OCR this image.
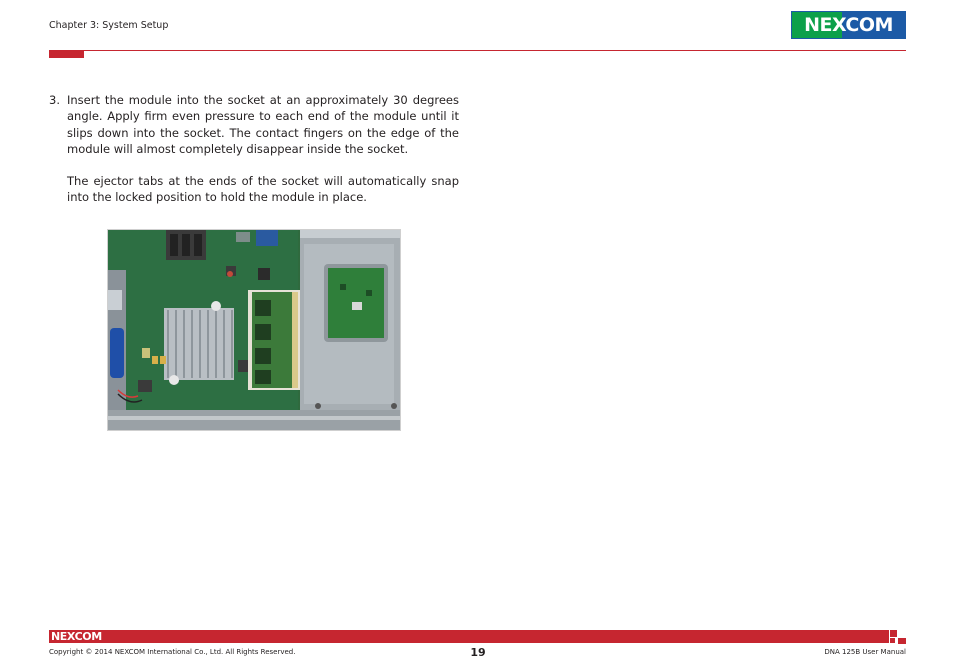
Chapter 3: System Setup	NEXCOM
3. Insert the module into the socket at an approximately 30 degrees angle. Apply firm even pressure to each end of the module until it slips down into the socket. The contact fingers on the edge of the module will almost completely disappear inside the socket.
The ejector tabs at the ends of the socket will automatically snap into the locked position to hold the module in place.
NEXCOM
Copyright © 2014 NEXCOM International Co., Ltd. All Rights Reserved.	19	DNA 125B User Manual
